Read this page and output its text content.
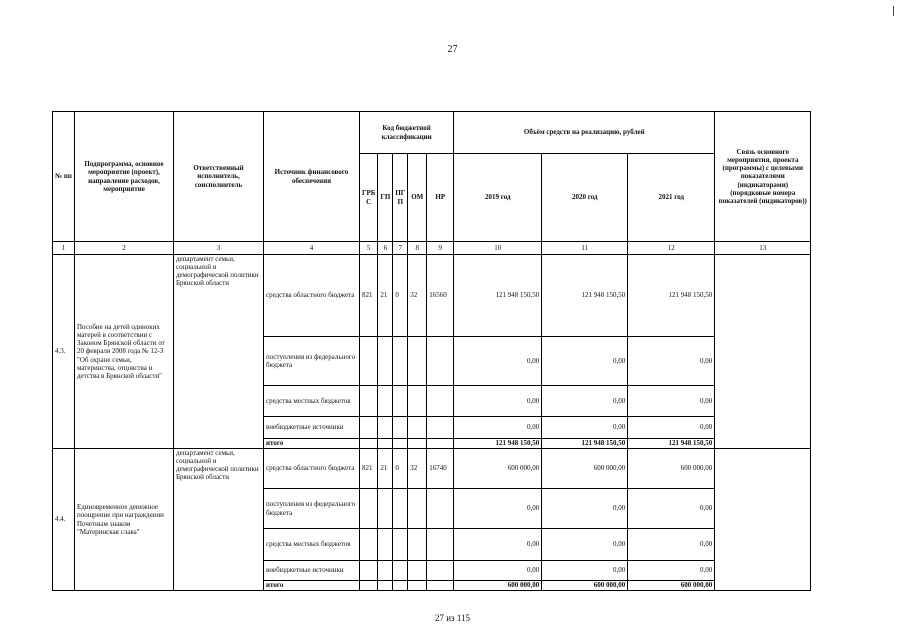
27
№ пп	Подпрограмма, основное мероприятие (проект), направление расходов, мероприятие	Ответственный исполнитель, соисполнитель	Источник финансового обеспечения	Код бюджетной классификации					Объём средств на реализацию, рублей			Связь основного мероприятия, проекта (программы) с целевыми показателями (индикаторами) (порядковые номера показателей (индикаторов))
				ГРБ С	ГП	ПГ П	ОМ	НР	2019 год	2020 год	2021 год	
1	2	3	4	5	6	7	8	9	10	11	12	13
4.3.	Пособие на детей одиноких матерей в соответствии с Законом Брянской области от 20 февраля 2008 года № 12-З "Об охране семьи, материнства, отцовства и детства в Брянской области"	департамент семьи, социальной и демографической политики Брянской области	средства областного бюджета	821	21	0	32	16560	121 948 150,50	121 948 150,50	121 948 150,50	
			поступления из федерального бюджета						0,00	0,00	0,00	
			средства местных бюджетов						0,00	0,00	0,00	
			внебюджетные источники						0,00	0,00	0,00	
			итого						121 948 150,50	121 948 150,50	121 948 150,50	
4.4.	Единовременное денежное поощрение при награждении Почетным знаком "Материнская слава"	департамент семьи, социальной и демографической политики Брянской области	средства областного бюджета	821	21	0	32	16740	600 000,00	600 000,00	600 000,00	
			поступления из федерального бюджета						0,00	0,00	0,00	
			средства местных бюджетов						0,00	0,00	0,00	
			внебюджетные источники						0,00	0,00	0,00	
			итого						600 000,00	600 000,00	600 000,00	
27 из 115
